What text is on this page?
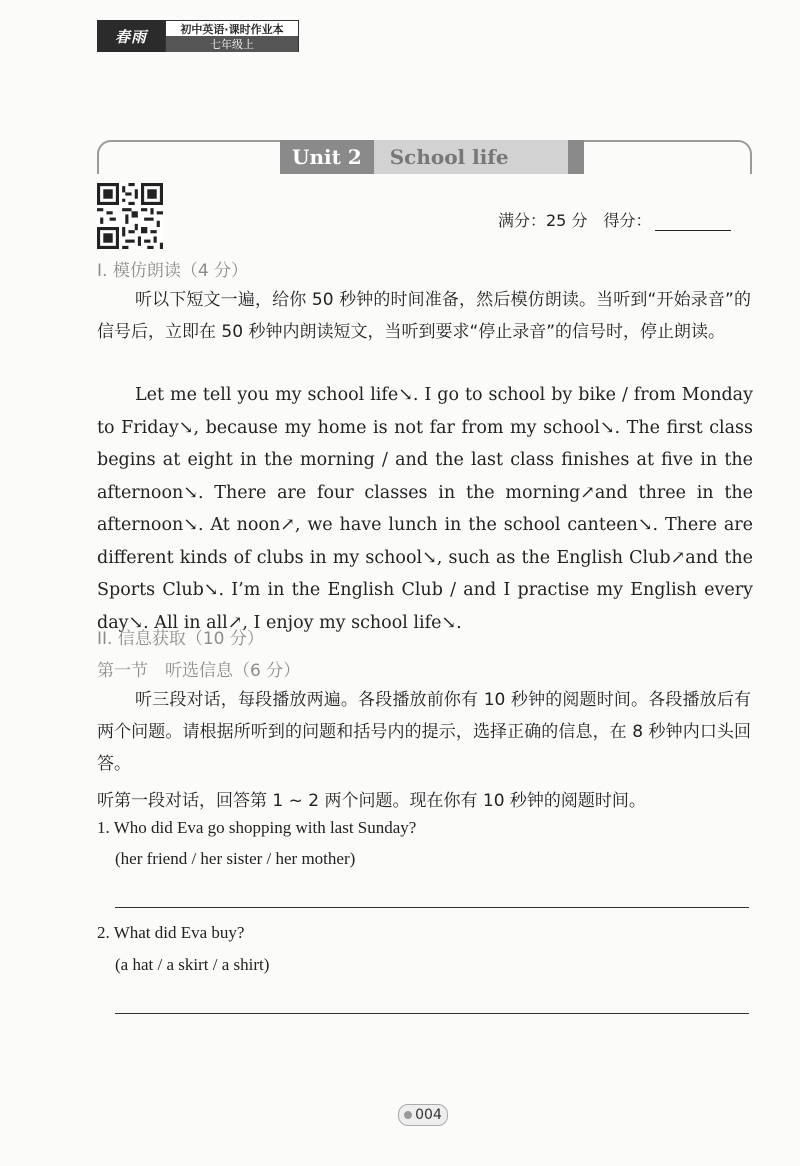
春雨	初中英语·课时作业本
七年级上
Unit 2	School life
满分：25 分　得分：
I. 模仿朗读（4 分）
听以下短文一遍，给你 50 秒钟的时间准备，然后模仿朗读。当听到“开始录音”的信号后，立即在 50 秒钟内朗读短文，当听到要求“停止录音”的信号时，停止朗读。
Let me tell you my school life↘. I go to school by bike / from Monday to Friday↘, because my home is not far from my school↘. The first class begins at eight in the morning / and the last class finishes at five in the afternoon↘. There are four classes in the morning↗and three in the afternoon↘. At noon↗, we have lunch in the school canteen↘. There are different kinds of clubs in my school↘, such as the English Club↗and the Sports Club↘. I’m in the English Club / and I practise my English every day↘. All in all↗, I enjoy my school life↘.
II. 信息获取（10 分）
第一节　听选信息（6 分）
听三段对话，每段播放两遍。各段播放前你有 10 秒钟的阅题时间。各段播放后有两个问题。请根据所听到的问题和括号内的提示，选择正确的信息，在 8 秒钟内口头回答。
听第一段对话，回答第 1 ~ 2 两个问题。现在你有 10 秒钟的阅题时间。
1. Who did Eva go shopping with last Sunday?
(her friend / her sister / her mother)
2. What did Eva buy?
(a hat / a skirt / a shirt)
004
